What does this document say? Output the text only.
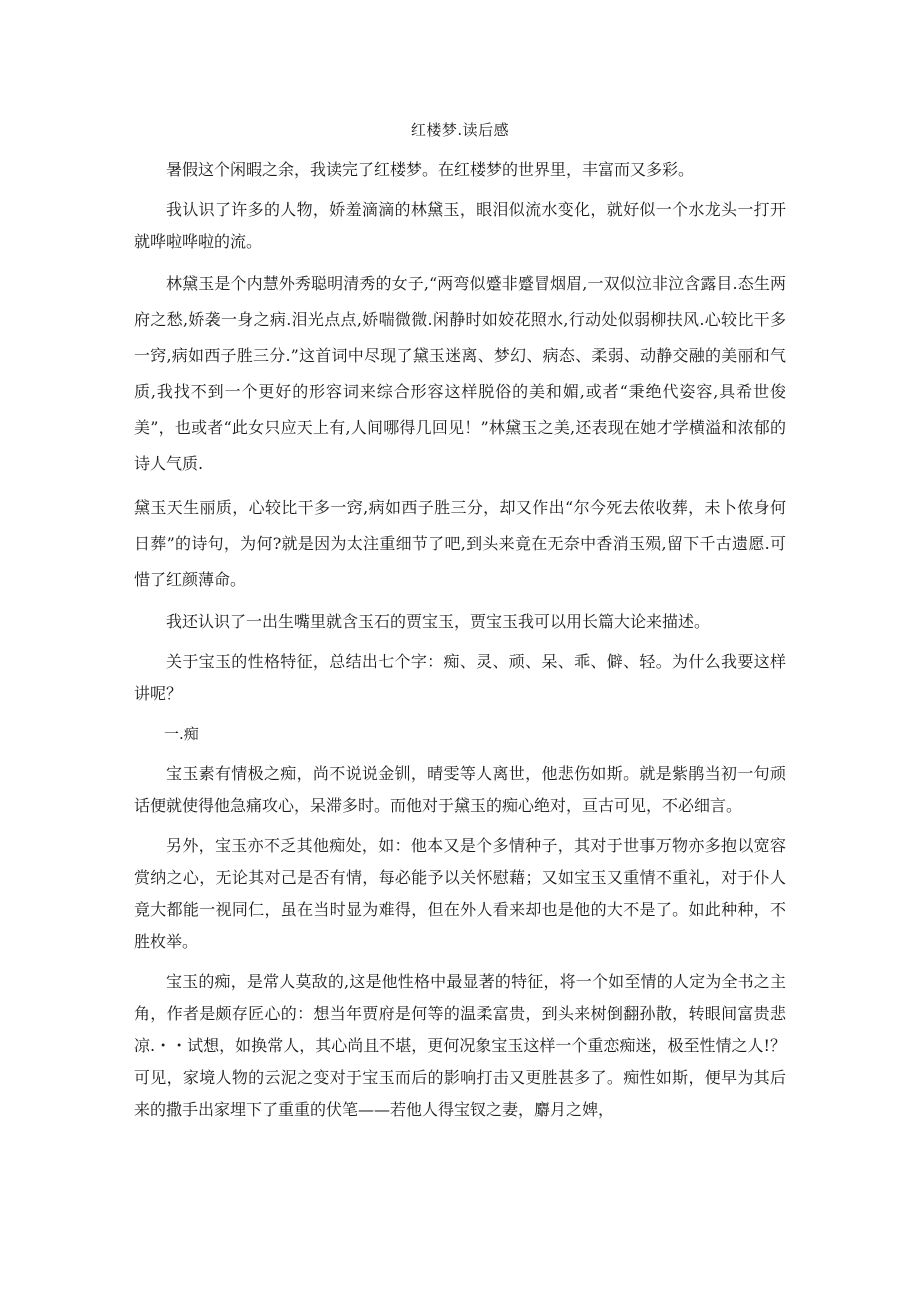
红楼梦.读后感

暑假这个闲暇之余，我读完了红楼梦。在红楼梦的世界里，丰富而又多彩。

我认识了许多的人物，娇羞滴滴的林黛玉，眼泪似流水变化，就好似一个水龙头一打开就哗啦哗啦的流。

林黛玉是个内慧外秀聪明清秀的女子,“两弯似蹙非蹙冒烟眉,一双似泣非泣含露目.态生两府之愁,娇袭一身之病.泪光点点,娇喘微微.闲静时如姣花照水,行动处似弱柳扶风.心较比干多一窍,病如西子胜三分.”这首词中尽现了黛玉迷离、梦幻、病态、柔弱、动静交融的美丽和气质,我找不到一个更好的形容词来综合形容这样脱俗的美和媚,或者“秉绝代姿容,具希世俊美”，也或者“此女只应天上有,人间哪得几回见！”林黛玉之美,还表现在她才学横溢和浓郁的诗人气质.

黛玉天生丽质，心较比干多一窍,病如西子胜三分，却又作出“尔今死去侬收葬，未卜侬身何日葬”的诗句，为何?就是因为太注重细节了吧,到头来竟在无奈中香消玉殒,留下千古遗愿.可惜了红颜薄命。

我还认识了一出生嘴里就含玉石的贾宝玉，贾宝玉我可以用长篇大论来描述。

关于宝玉的性格特征，总结出七个字：痴、灵、顽、呆、乖、僻、轻。为什么我要这样讲呢？

一.痴

宝玉素有情极之痴，尚不说说金钏，晴雯等人离世，他悲伤如斯。就是紫鹃当初一句顽话便就使得他急痛攻心，呆滞多时。而他对于黛玉的痴心绝对，亘古可见，不必细言。

另外，宝玉亦不乏其他痴处，如：他本又是个多情种子，其对于世事万物亦多抱以宽容赏纳之心，无论其对己是否有情，每必能予以关怀慰藉；又如宝玉又重情不重礼，对于仆人竟大都能一视同仁，虽在当时显为难得，但在外人看来却也是他的大不是了。如此种种，不胜枚举。

宝玉的痴，是常人莫敌的,这是他性格中最显著的特征，将一个如至情的人定为全书之主角，作者是颇存匠心的：想当年贾府是何等的温柔富贵，到头来树倒翻孙散，转眼间富贵悲凉.・・试想，如换常人，其心尚且不堪，更何况象宝玉这样一个重恋痴迷，极至性情之人!？可见，家境人物的云泥之变对于宝玉而后的影响打击又更胜甚多了。痴性如斯，便早为其后来的撒手出家埋下了重重的伏笔——若他人得宝钗之妻，麝月之婢，
